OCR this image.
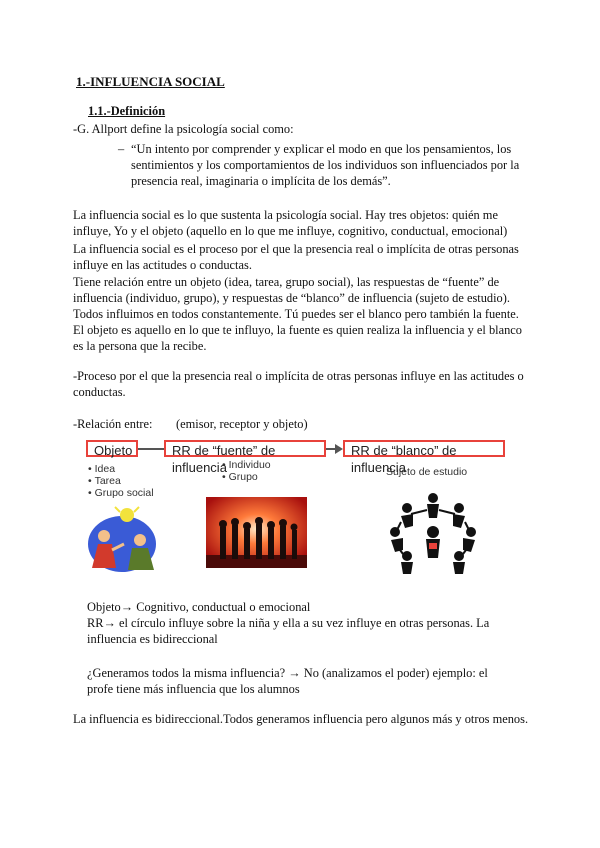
1.-INFLUENCIA SOCIAL
1.1.-Definición
-G. Allport define la psicología social como:
– “Un intento por comprender y explicar el modo en que los pensamientos, los sentimientos y los comportamientos de los individuos son influenciados por la presencia real, imaginaria o implícita de los demás”.
La influencia social es lo que sustenta la psicología social. Hay tres objetos: quién me influye, Yo y el objeto (aquello en lo que me influye, cognitivo, conductual, emocional)
La influencia social es el proceso por el que la presencia real o implícita de otras personas influye en las actitudes o conductas.
Tiene relación entre un objeto (idea, tarea, grupo social), las respuestas de “fuente” de influencia (individuo, grupo), y respuestas de “blanco” de influencia (sujeto de estudio). Todos influimos en todos constantemente. Tú puedes ser el blanco pero también la fuente.
El objeto es aquello en lo que te influyo, la fuente es quien realiza la influencia y el blanco es la persona que la recibe.
-Proceso por el que la presencia real o implícita de otras personas influye en las actitudes o conductas.
-Relación entre: (emisor, receptor y objeto)
Objeto	RR de “fuente” de influencia
RR de “blanco” de influencia
• Idea
• Tarea
• Grupo social
• Individuo
• Grupo	Sujeto de estudio
Objeto→ Cognitivo, conductual o emocional
RR→ el círculo influye sobre la niña y ella a su vez influye en otras personas. La influencia es bidireccional
¿Generamos todos la misma influencia? → No (analizamos el poder) ejemplo: el profe tiene más influencia que los alumnos
La influencia es bidireccional.Todos generamos influencia pero algunos más y otros menos.
